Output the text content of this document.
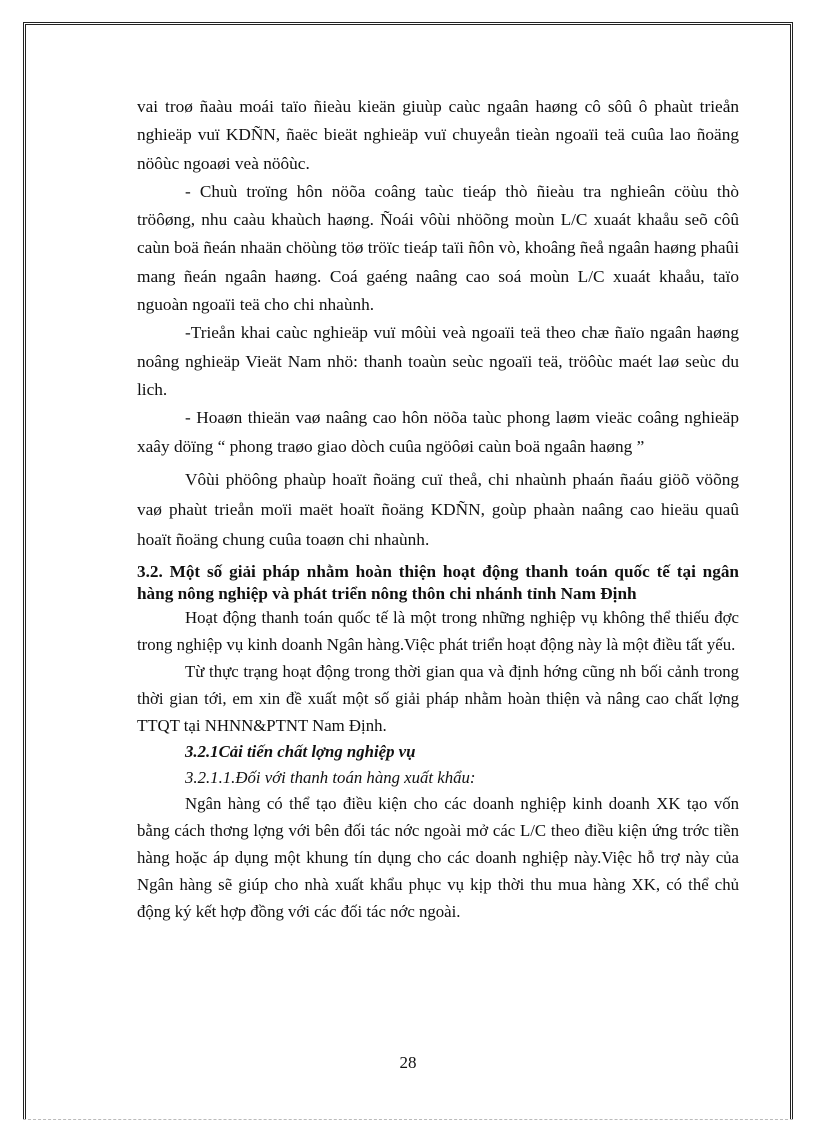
vai troø ñaàu moái taïo ñieàu kieän giuùp caùc ngaân haøng cô sôû ô phaùt trieån nghieäp vuï KDÑN, ñaëc bieät nghieäp vuï chuyeån tieàn ngoaïi teä cuûa lao ñoäng nöôùc ngoaøi veà nöôùc.

- Chuù troïng hôn nöõa coâng taùc tieáp thò ñieàu tra nghieân cöùu thò tröôøng, nhu caàu khaùch haøng. Ñoái vôùi nhöõng moùn L/C xuaát khaåu seõ côû caùn boä ñeán nhaän chöùng töø tröïc tieáp taïi ñôn vò, khoâng ñeå ngaân haøng phaûi mang ñeán ngaân haøng. Coá gaéng naâng cao soá moùn L/C xuaát khaåu, taïo nguoàn ngoaïi teä cho chi nhaùnh.

-Trieån khai caùc nghieäp vuï môùi veà ngoaïi teä theo chæ ñaïo ngaân haøng noâng nghieäp Vieät Nam nhö: thanh toaùn seùc ngoaïi teä, tröôùc maét laø seùc du lich.

- Hoaøn thieän vaø naâng cao hôn nöõa taùc phong laøm vieäc coâng nghieäp xaây döïng “ phong traøo giao dòch cuûa ngöôøi caùn boä ngaân haøng ”

Vôùi phöông phaùp hoaït ñoäng cuï theå, chi nhaùnh phaán ñaáu giöõ vöõng vaø phaùt trieån moïi maët hoaït ñoäng KDÑN, goùp phaàn naâng cao hieäu quaû hoaït ñoäng chung cuûa toaøn chi nhaùnh.

3.2. Một số giải pháp nhằm hoàn thiện hoạt động thanh toán quốc tế tại ngân hàng nông nghiệp và phát triển nông thôn chi nhánh tỉnh Nam Định

Hoạt động thanh toán quốc tế là một trong những nghiệp vụ không thể thiếu đợc trong nghiệp vụ kinh doanh Ngân hàng.Việc phát triển hoạt động này là một điều tất yếu.

Từ thực trạng hoạt động trong thời gian qua và định hớng cũng nh bối cảnh trong thời gian tới, em xin đề xuất một số giải pháp nhằm hoàn thiện và nâng cao chất lợng TTQT tại NHNN&PTNT Nam Định.

3.2.1Cải tiến chất lợng nghiệp vụ

3.2.1.1.Đối với thanh toán hàng xuất khẩu:

Ngân hàng có thể tạo điều kiện cho các doanh nghiệp kinh doanh XK tạo vốn bằng cách thơng lợng với bên đối tác nớc ngoài mở các L/C theo điều kiện ứng trớc tiền hàng hoặc áp dụng một khung tín dụng cho các doanh nghiệp này.Việc hỗ trợ này của Ngân hàng sẽ giúp cho nhà xuất khẩu phục vụ kịp thời thu mua hàng XK, có thể chủ động ký kết hợp đồng với các đối tác nớc ngoài.

28
